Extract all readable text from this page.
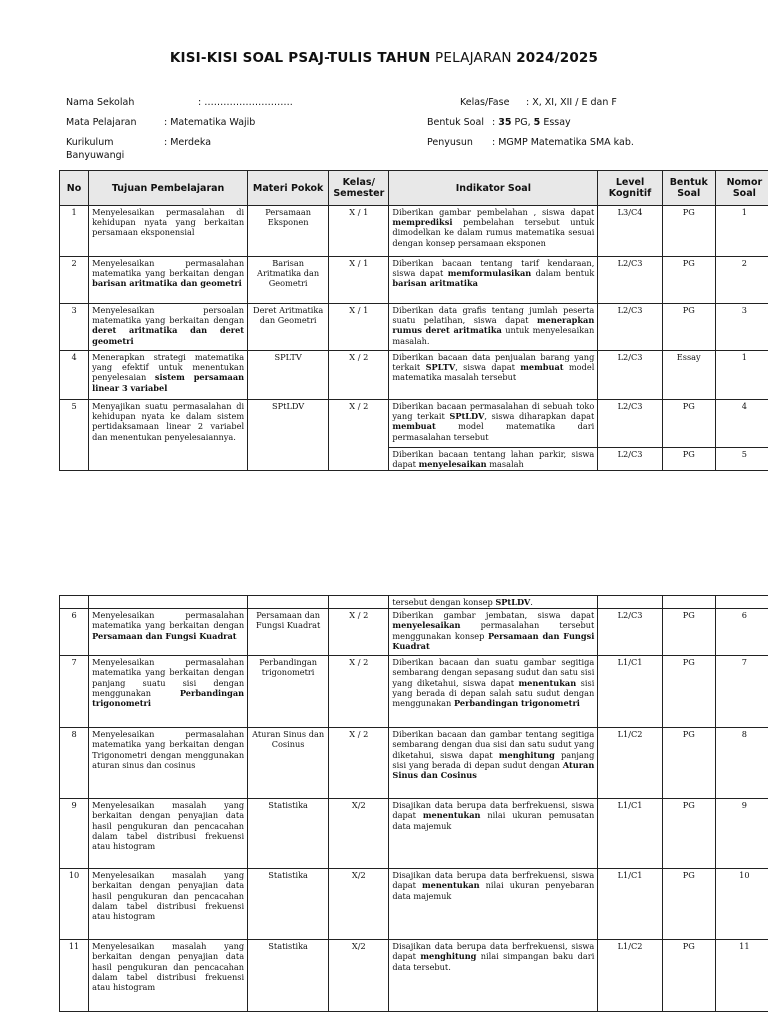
KISI-KISI SOAL PSAJ-TULIS TAHUN PELAJARAN 2024/2025
Nama Sekolah	: ……………………….
Mata Pelajaran	: Matematika Wajib
Kurikulum	: Merdeka
Banyuwangi
Kelas/Fase : X, XI, XII / E dan F
Bentuk Soal : 35 PG, 5 Essay
Penyusun : MGMP Matematika SMA kab.
No	Tujuan Pembelajaran	Materi Pokok	Kelas/ Semester	Indikator Soal	Level Kognitif	Bentuk Soal	Nomor Soal
1	Menyelesaikan permasalahan di kehidupan nyata yang berkaitan persamaan eksponensial	Persamaan Eksponen	X / 1	Diberikan gambar pembelahan , siswa dapat memprediksi pembelahan tersebut untuk dimodelkan ke dalam rumus matematika sesuai dengan konsep persamaan eksponen	L3/C4	PG	1
2	Menyelesaikan permasalahan matematika yang berkaitan dengan barisan aritmatika dan geometri	Barisan Aritmatika dan Geometri	X / 1	Diberikan bacaan tentang tarif kendaraan, siswa dapat memformulasikan dalam bentuk barisan aritmatika	L2/C3	PG	2
3	Menyelesaikan persoalan matematika yang berkaitan dengan deret aritmatika dan deret geometri	Deret Aritmatika dan Geometri	X / 1	Diberikan data grafis tentang jumlah peserta suatu pelatihan, siswa dapat menerapkan rumus deret aritmatika untuk menyelesaikan masalah.	L2/C3	PG	3
4	Menerapkan strategi matematika yang efektif untuk menentukan penyelesaian sistem persamaan linear 3 variabel	SPLTV	X / 2	Diberikan bacaan data penjualan barang yang terkait SPLTV, siswa dapat membuat model matematika masalah tersebut	L2/C3	Essay	1
5	Menyajikan suatu permasalahan di kehidupan nyata ke dalam sistem pertidaksamaan linear 2 variabel dan menentukan penyelesaiannya.	SPtLDV	X / 2	Diberikan bacaan permasalahan di sebuah toko yang terkait SPtLDV, siswa diharapkan dapat membuat model matematika dari permasalahan tersebut	L2/C3	PG	4
				Diberikan bacaan tentang lahan parkir, siswa dapat menyelesaikan masalah	L2/C3	PG	5
				tersebut dengan konsep SPtLDV.			
6	Menyelesaikan permasalahan matematika yang berkaitan dengan Persamaan dan Fungsi Kuadrat	Persamaan dan Fungsi Kuadrat	X / 2	Diberikan gambar jembatan, siswa dapat menyelesaikan permasalahan tersebut menggunakan konsep Persamaan dan Fungsi Kuadrat	L2/C3	PG	6
7	Menyelesaikan permasalahan matematika yang berkaitan dengan panjang suatu sisi dengan menggunakan Perbandingan trigonometri	Perbandingan trigonometri	X / 2	Diberikan bacaan dan suatu gambar segitiga sembarang dengan sepasang sudut dan satu sisi yang diketahui, siswa dapat menentukan sisi yang berada di depan salah satu sudut dengan menggunakan Perbandingan trigonometri	L1/C1	PG	7
8	Menyelesaikan permasalahan matematika yang berkaitan dengan Trigonometri dengan menggunakan aturan sinus dan cosinus	Aturan Sinus dan Cosinus	X / 2	Diberikan bacaan dan gambar tentang segitiga sembarang dengan dua sisi dan satu sudut yang diketahui, siswa dapat menghitung panjang sisi yang berada di depan sudut dengan Aturan Sinus dan Cosinus	L1/C2	PG	8
9	Menyelesaikan masalah yang berkaitan dengan penyajian data hasil pengukuran dan pencacahan dalam tabel distribusi frekuensi atau histogram	Statistika	X/2	Disajikan data berupa data berfrekuensi, siswa dapat menentukan nilai ukuran pemusatan data majemuk	L1/C1	PG	9
10	Menyelesaikan masalah yang berkaitan dengan penyajian data hasil pengukuran dan pencacahan dalam tabel distribusi frekuensi atau histogram	Statistika	X/2	Disajikan data berupa data berfrekuensi, siswa dapat menentukan nilai ukuran penyebaran data majemuk	L1/C1	PG	10
11	Menyelesaikan masalah yang berkaitan dengan penyajian data hasil pengukuran dan pencacahan dalam tabel distribusi frekuensi atau histogram	Statistika	X/2	Disajikan data berupa data berfrekuensi, siswa dapat menghitung nilai simpangan baku dari data tersebut.	L1/C2	PG	11
